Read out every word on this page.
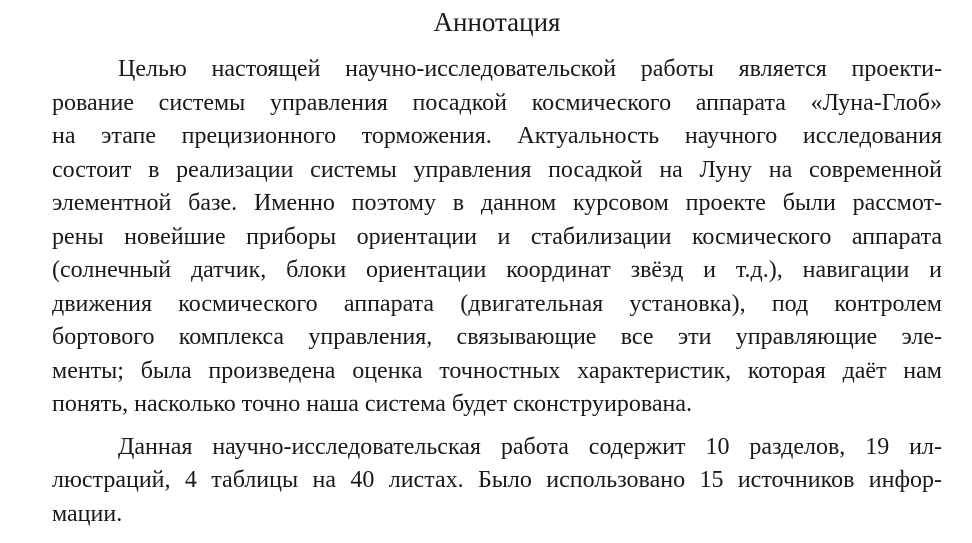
Аннотация
Целью настоящей научно-исследовательской работы является проекти-
рование системы управления посадкой космического аппарата «Луна-Глоб»
на этапе прецизионного торможения. Актуальность научного исследования
состоит в реализации системы управления посадкой на Луну на современной
элементной базе. Именно поэтому в данном курсовом проекте были рассмот-
рены новейшие приборы ориентации и стабилизации космического аппарата
(солнечный датчик, блоки ориентации координат звёзд и т.д.), навигации и
движения космического аппарата (двигательная установка), под контролем
бортового комплекса управления, связывающие все эти управляющие эле-
менты; была произведена оценка точностных характеристик, которая даёт нам
понять, насколько точно наша система будет сконструирована.
Данная научно-исследовательская работа содержит 10 разделов, 19 ил-
люстраций, 4 таблицы на 40 листах. Было использовано 15 источников инфор-
мации.
